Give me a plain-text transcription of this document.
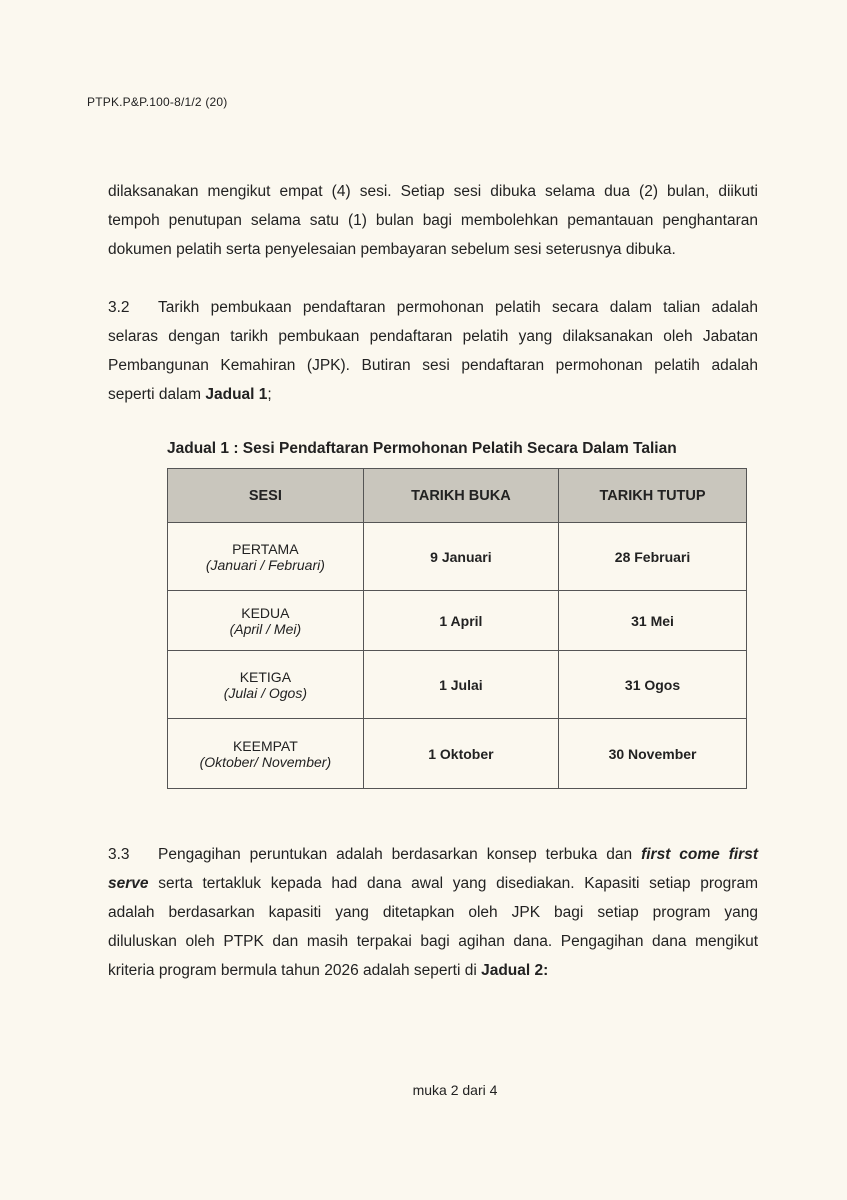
PTPK.P&P.100-8/1/2 (20)
dilaksanakan mengikut empat (4) sesi. Setiap sesi dibuka selama dua (2) bulan, diikuti
tempoh penutupan selama satu (1) bulan bagi membolehkan pemantauan penghantaran
dokumen pelatih serta penyelesaian pembayaran sebelum sesi seterusnya dibuka.
3.2 Tarikh pembukaan pendaftaran permohonan pelatih secara dalam talian adalah
selaras dengan tarikh pembukaan pendaftaran pelatih yang dilaksanakan oleh Jabatan
Pembangunan Kemahiran (JPK). Butiran sesi pendaftaran permohonan pelatih adalah
seperti dalam Jadual 1;
Jadual 1 : Sesi Pendaftaran Permohonan Pelatih Secara Dalam Talian
SESI	TARIKH BUKA	TARIKH TUTUP

PERTAMA
(Januari / Februari)	9 Januari	28 Februari

KEDUA
(April / Mei)	1 April	31 Mei

KETIGA
(Julai / Ogos)	1 Julai	31 Ogos

KEEMPAT
(Oktober/ November)	1 Oktober	30 November
3.3 Pengagihan peruntukan adalah berdasarkan konsep terbuka dan first come first
serve serta tertakluk kepada had dana awal yang disediakan. Kapasiti setiap program
adalah berdasarkan kapasiti yang ditetapkan oleh JPK bagi setiap program yang
diluluskan oleh PTPK dan masih terpakai bagi agihan dana. Pengagihan dana mengikut
kriteria program bermula tahun 2026 adalah seperti di Jadual 2:
muka 2 dari 4
